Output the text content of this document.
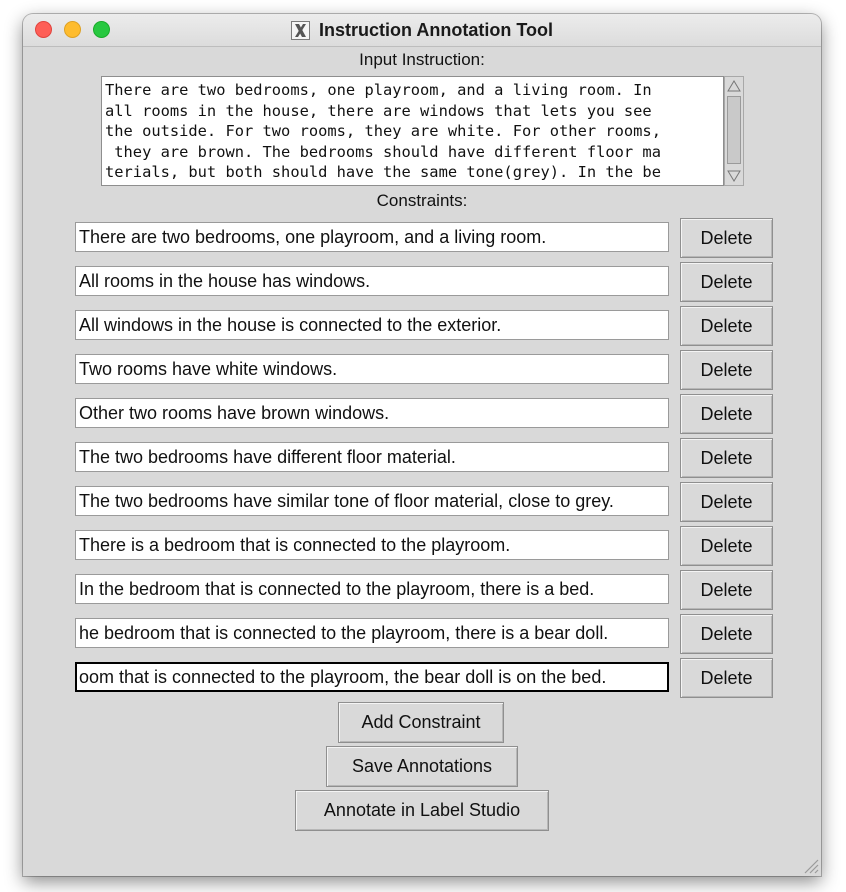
Instruction Annotation Tool
Input Instruction:
There are two bedrooms, one playroom, and a living room. In
all rooms in the house, there are windows that lets you see
the outside. For two rooms, they are white. For other rooms,
they are brown. The bedrooms should have different floor ma
terials, but both should have the same tone(grey). In the be
Constraints:
There are two bedrooms, one playroom, and a living room.	Delete
All rooms in the house has windows.	Delete
All windows in the house is connected to the exterior.	Delete
Two rooms have white windows.	Delete
Other two rooms have brown windows.	Delete
The two bedrooms have different floor material.	Delete
The two bedrooms have similar tone of floor material, close to grey.	Delete
There is a bedroom that is connected to the playroom.	Delete
In the bedroom that is connected to the playroom, there is a bed.	Delete
he bedroom that is connected to the playroom, there is a bear doll.	Delete
oom that is connected to the playroom, the bear doll is on the bed.	Delete
Add Constraint
Save Annotations
Annotate in Label Studio
